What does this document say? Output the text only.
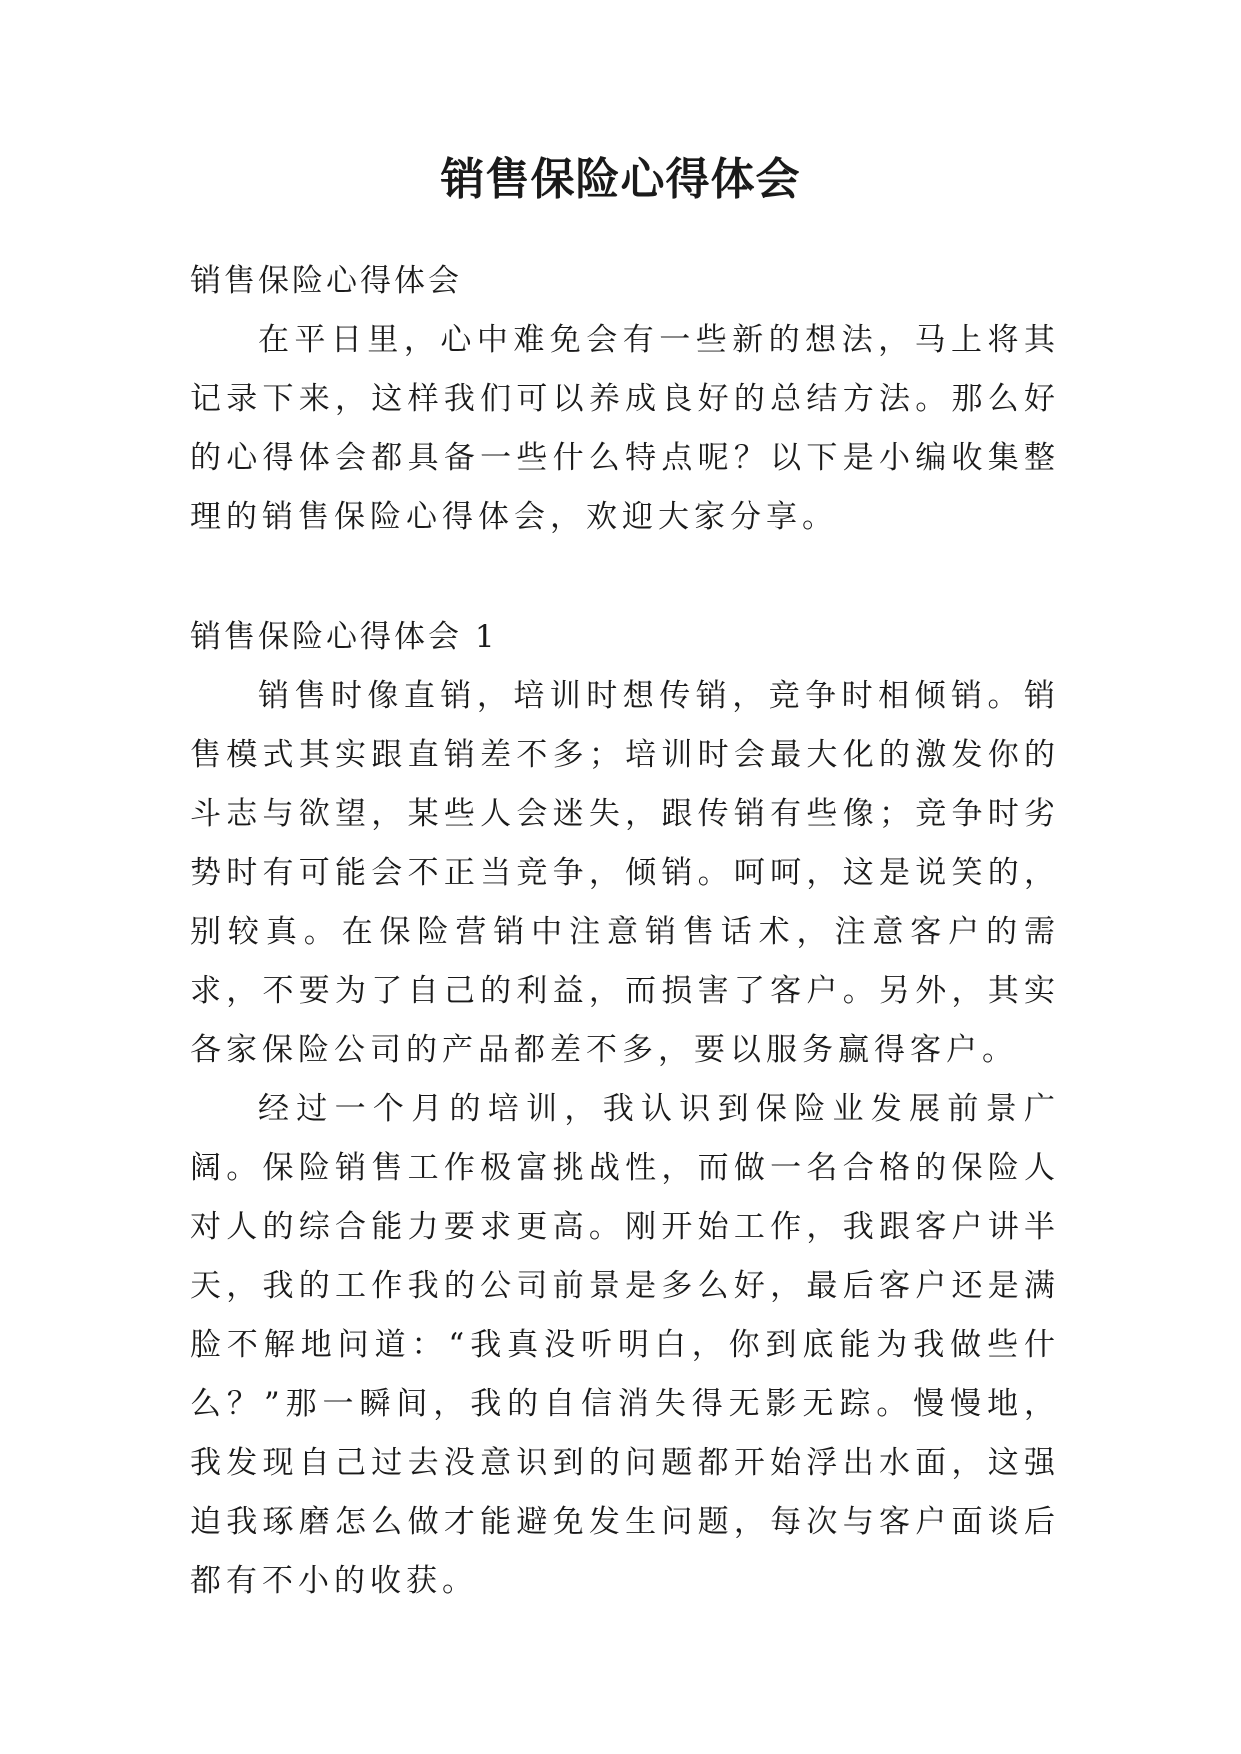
销售保险心得体会

销售保险心得体会

在平日里，心中难免会有一些新的想法，马上将其记录下来，这样我们可以养成良好的总结方法。那么好的心得体会都具备一些什么特点呢？以下是小编收集整理的销售保险心得体会，欢迎大家分享。

销售保险心得体会 1

销售时像直销，培训时想传销，竞争时相倾销。销售模式其实跟直销差不多；培训时会最大化的激发你的斗志与欲望，某些人会迷失，跟传销有些像；竞争时劣势时有可能会不正当竞争，倾销。呵呵，这是说笑的，别较真。在保险营销中注意销售话术，注意客户的需求，不要为了自己的利益，而损害了客户。另外，其实各家保险公司的产品都差不多，要以服务赢得客户。

经过一个月的培训，我认识到保险业发展前景广阔。保险销售工作极富挑战性，而做一名合格的保险人对人的综合能力要求更高。刚开始工作，我跟客户讲半天，我的工作我的公司前景是多么好，最后客户还是满脸不解地问道：“我真没听明白，你到底能为我做些什么？”那一瞬间，我的自信消失得无影无踪。慢慢地，我发现自己过去没意识到的问题都开始浮出水面，这强迫我琢磨怎么做才能避免发生问题，每次与客户面谈后都有不小的收获。
